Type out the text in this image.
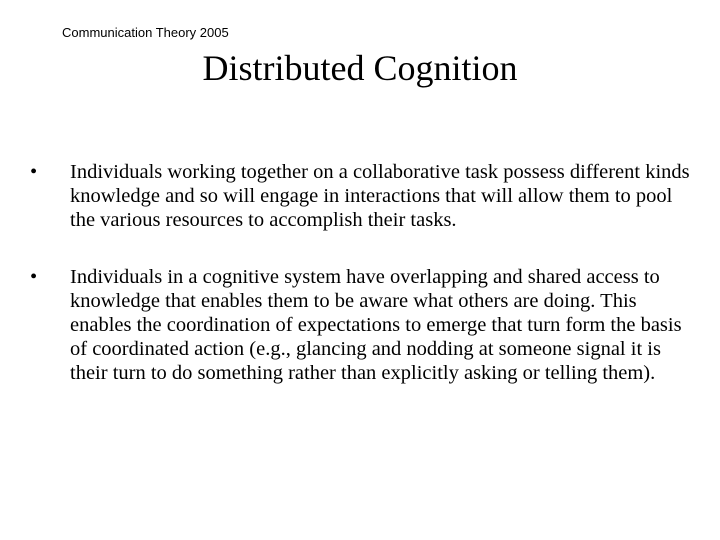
Communication Theory 2005
Distributed Cognition
•	Individuals working together on a collaborative task possess different kinds knowledge and so will engage in interactions that will allow them to pool the various resources to accomplish their tasks.
•	Individuals in a cognitive system have overlapping and shared access to knowledge that enables them to be aware what others are doing. This enables the coordination of expectations to emerge that turn form the basis of coordinated action (e.g., glancing and nodding at someone signal it is their turn to do something rather than explicitly asking or telling them).
